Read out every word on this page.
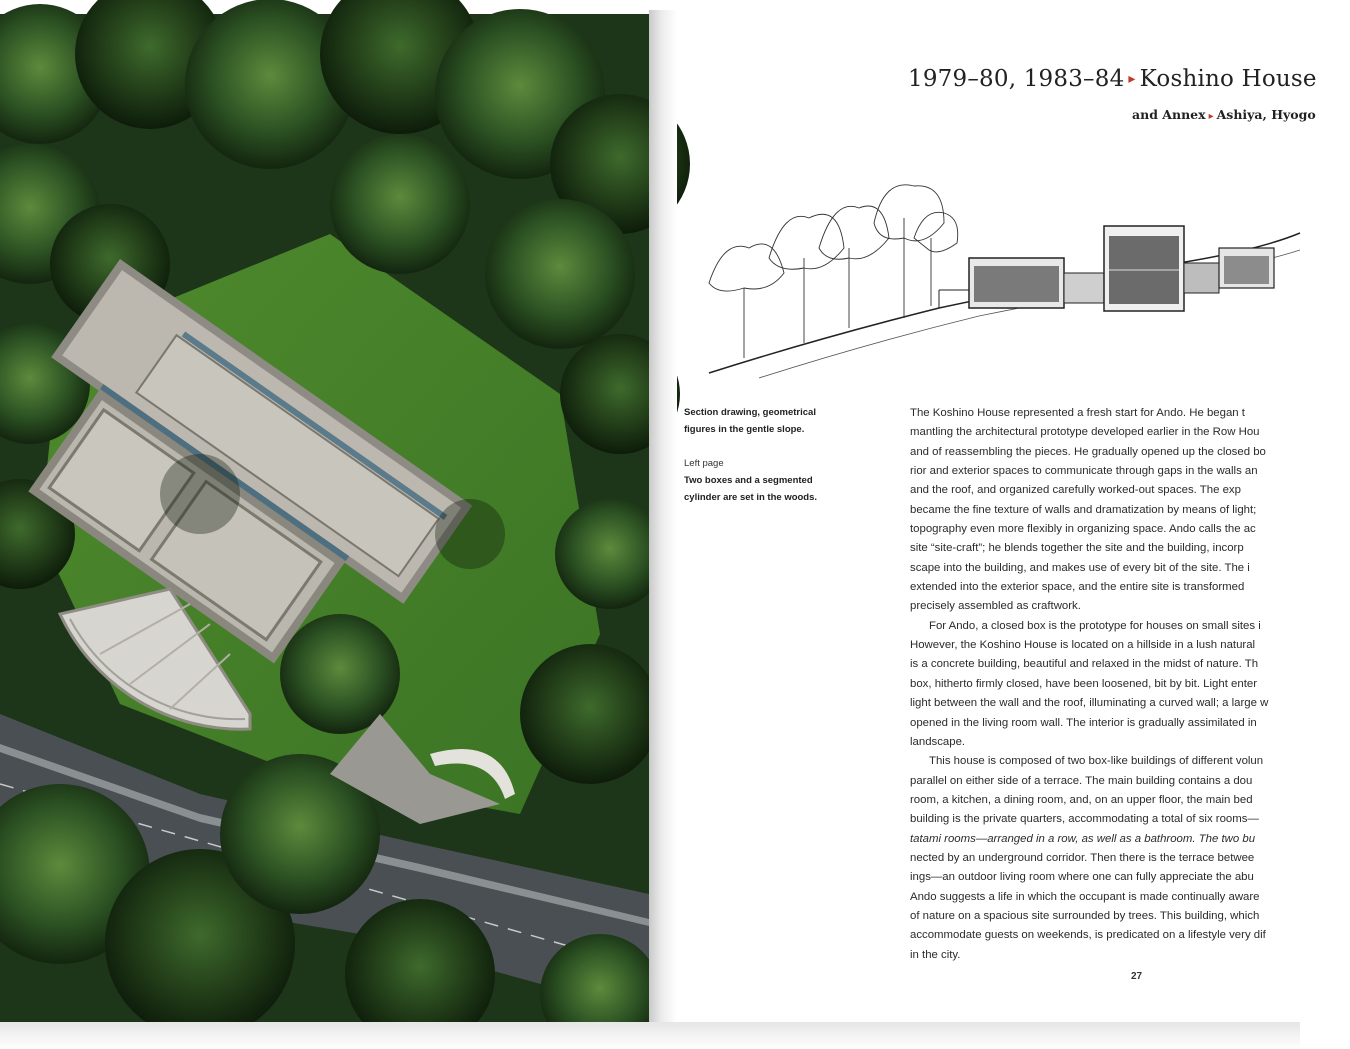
1979–80, 1983–84 ▸ Koshino House
and Annex ▸ Ashiya, Hyogo
Section drawing, geometrical
figures in the gentle slope.
Left page
Two boxes and a segmented
cylinder are set in the woods.
The Koshino House represented a fresh start for Ando. He began t
mantling the architectural prototype developed earlier in the Row Hou
and of reassembling the pieces. He gradually opened up the closed bo
rior and exterior spaces to communicate through gaps in the walls an
and the roof, and organized carefully worked-out spaces. The exp
became the fine texture of walls and dramatization by means of light;
topography even more flexibly in organizing space. Ando calls the ac
site “site-craft”; he blends together the site and the building, incorp
scape into the building, and makes use of every bit of the site. The i
extended into the exterior space, and the entire site is transformed
precisely assembled as craftwork.
For Ando, a closed box is the prototype for houses on small sites i
However, the Koshino House is located on a hillside in a lush natural
is a concrete building, beautiful and relaxed in the midst of nature. Th
box, hitherto firmly closed, have been loosened, bit by bit. Light enter
light between the wall and the roof, illuminating a curved wall; a large w
opened in the living room wall. The interior is gradually assimilated in
landscape.
This house is composed of two box-like buildings of different volun
parallel on either side of a terrace. The main building contains a dou
room, a kitchen, a dining room, and, on an upper floor, the main bed
building is the private quarters, accommodating a total of six rooms—
tatami rooms—arranged in a row, as well as a bathroom. The two bu
nected by an underground corridor. Then there is the terrace betwee
ings—an outdoor living room where one can fully appreciate the abu
Ando suggests a life in which the occupant is made continually aware
of nature on a spacious site surrounded by trees. This building, which
accommodate guests on weekends, is predicated on a lifestyle very dif
in the city.
27
